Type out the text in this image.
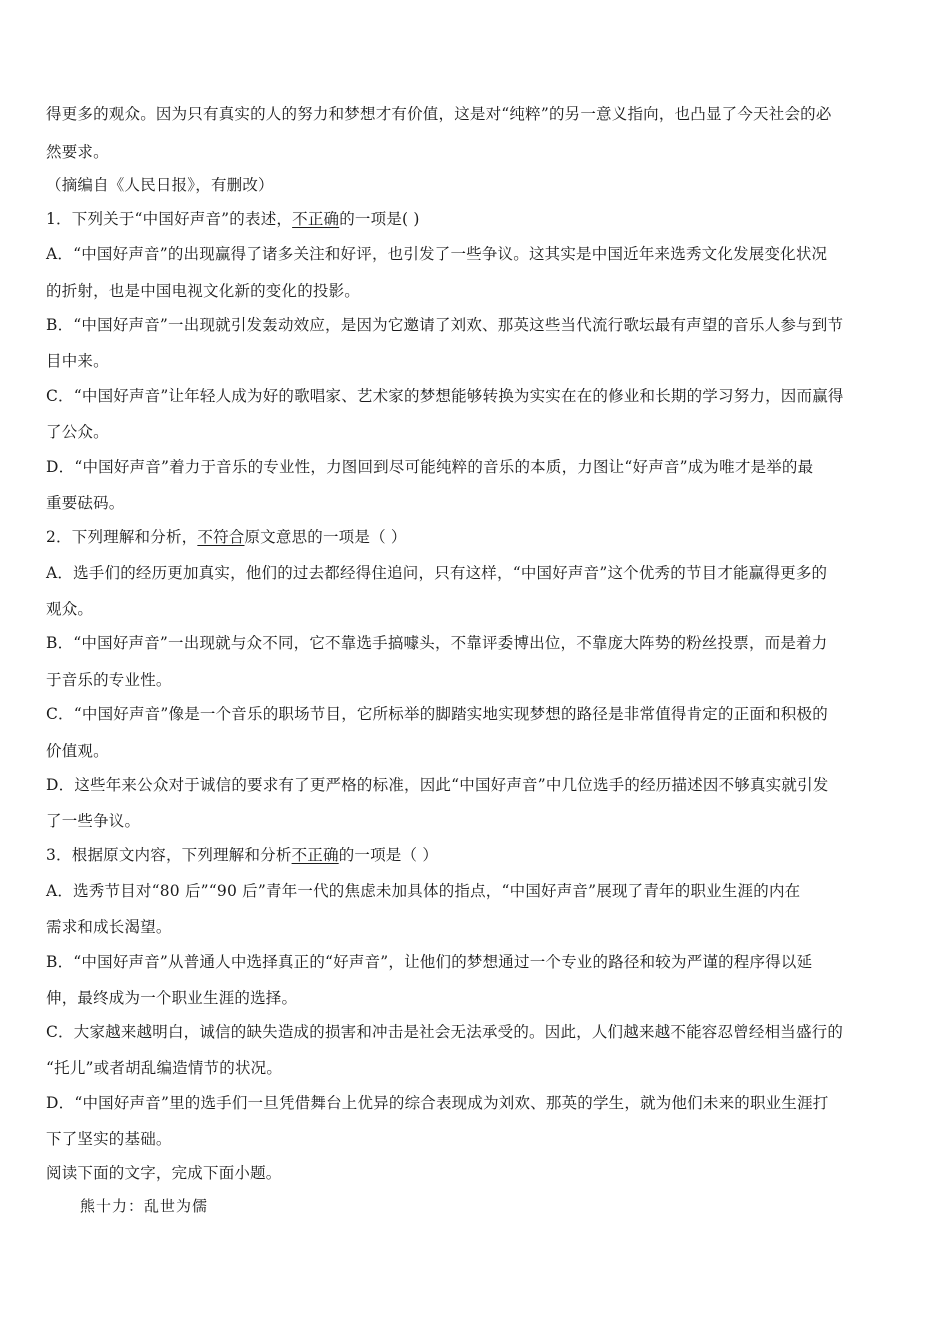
得更多的观众。因为只有真实的人的努力和梦想才有价值，这是对“纯粹”的另一意义指向，也凸显了今天社会的必
然要求。
（摘编自《人民日报》，有删改）
1．下列关于“中国好声音”的表述，不正确的一项是( )
A．“中国好声音”的出现赢得了诸多关注和好评，也引发了一些争议。这其实是中国近年来选秀文化发展变化状况
的折射，也是中国电视文化新的变化的投影。
B．“中国好声音”一出现就引发轰动效应，是因为它邀请了刘欢、那英这些当代流行歌坛最有声望的音乐人参与到节
目中来。
C．“中国好声音”让年轻人成为好的歌唱家、艺术家的梦想能够转换为实实在在的修业和长期的学习努力，因而赢得
了公众。
D．“中国好声音”着力于音乐的专业性，力图回到尽可能纯粹的音乐的本质，力图让“好声音”成为唯才是举的最
重要砝码。
2．下列理解和分析，不符合原文意思的一项是（ ）
A．选手们的经历更加真实，他们的过去都经得住追问，只有这样，“中国好声音”这个优秀的节目才能赢得更多的
观众。
B．“中国好声音”一出现就与众不同，它不靠选手搞噱头，不靠评委博出位，不靠庞大阵势的粉丝投票，而是着力
于音乐的专业性。
C．“中国好声音”像是一个音乐的职场节目，它所标举的脚踏实地实现梦想的路径是非常值得肯定的正面和积极的
价值观。
D．这些年来公众对于诚信的要求有了更严格的标准，因此“中国好声音”中几位选手的经历描述因不够真实就引发
了一些争议。
3．根据原文内容，下列理解和分析不正确的一项是（ ）
A．选秀节目对“80 后”“90 后”青年一代的焦虑未加具体的指点，“中国好声音”展现了青年的职业生涯的内在
需求和成长渴望。
B．“中国好声音”从普通人中选择真正的“好声音”，让他们的梦想通过一个专业的路径和较为严谨的程序得以延
伸，最终成为一个职业生涯的选择。
C．大家越来越明白，诚信的缺失造成的损害和冲击是社会无法承受的。因此，人们越来越不能容忍曾经相当盛行的
“托儿”或者胡乱编造情节的状况。
D．“中国好声音”里的选手们一旦凭借舞台上优异的综合表现成为刘欢、那英的学生，就为他们未来的职业生涯打
下了坚实的基础。
阅读下面的文字，完成下面小题。
熊十力：乱世为儒
